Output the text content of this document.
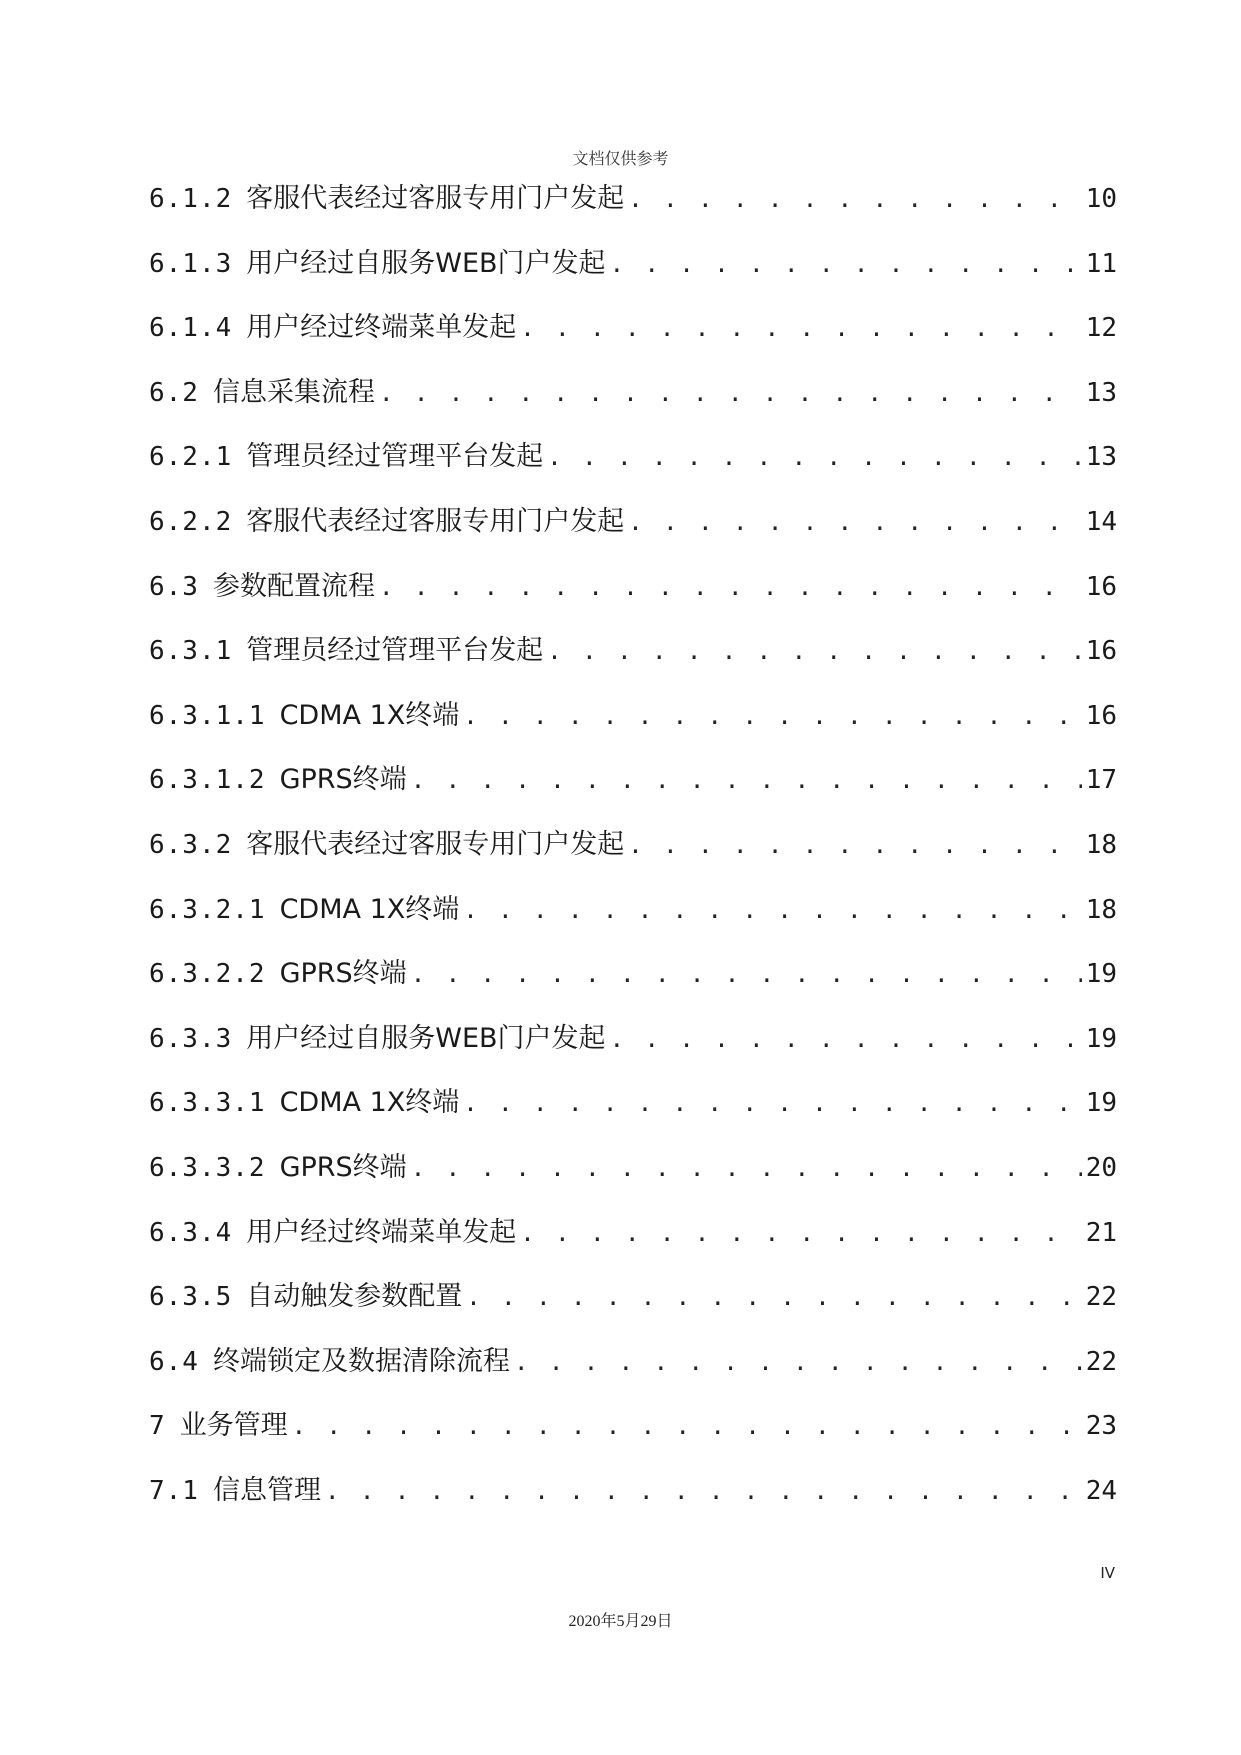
文档仅供参考
6.1.2 客服代表经过客服专用门户发起 . . .	10
6.1.3 用户经过自服务WEB门户发起 . . .	11
6.1.4 用户经过终端菜单发起 . . .	12
6.2 信息采集流程 . . .	13
6.2.1 管理员经过管理平台发起 . . .	13
6.2.2 客服代表经过客服专用门户发起 . . .	14
6.3 参数配置流程 . . .	16
6.3.1 管理员经过管理平台发起 . . .	16
6.3.1.1 CDMA 1X终端 . . .	16
6.3.1.2 GPRS终端 . . .	17
6.3.2 客服代表经过客服专用门户发起 . . .	18
6.3.2.1 CDMA 1X终端 . . .	18
6.3.2.2 GPRS终端 . . .	19
6.3.3 用户经过自服务WEB门户发起 . . .	19
6.3.3.1 CDMA 1X终端 . . .	19
6.3.3.2 GPRS终端 . . .	20
6.3.4 用户经过终端菜单发起 . . .	21
6.3.5 自动触发参数配置 . . .	22
6.4 终端锁定及数据清除流程 . . .	22
7 业务管理 . . .	23
7.1 信息管理 . . .	24
IV
2020年5月29日
